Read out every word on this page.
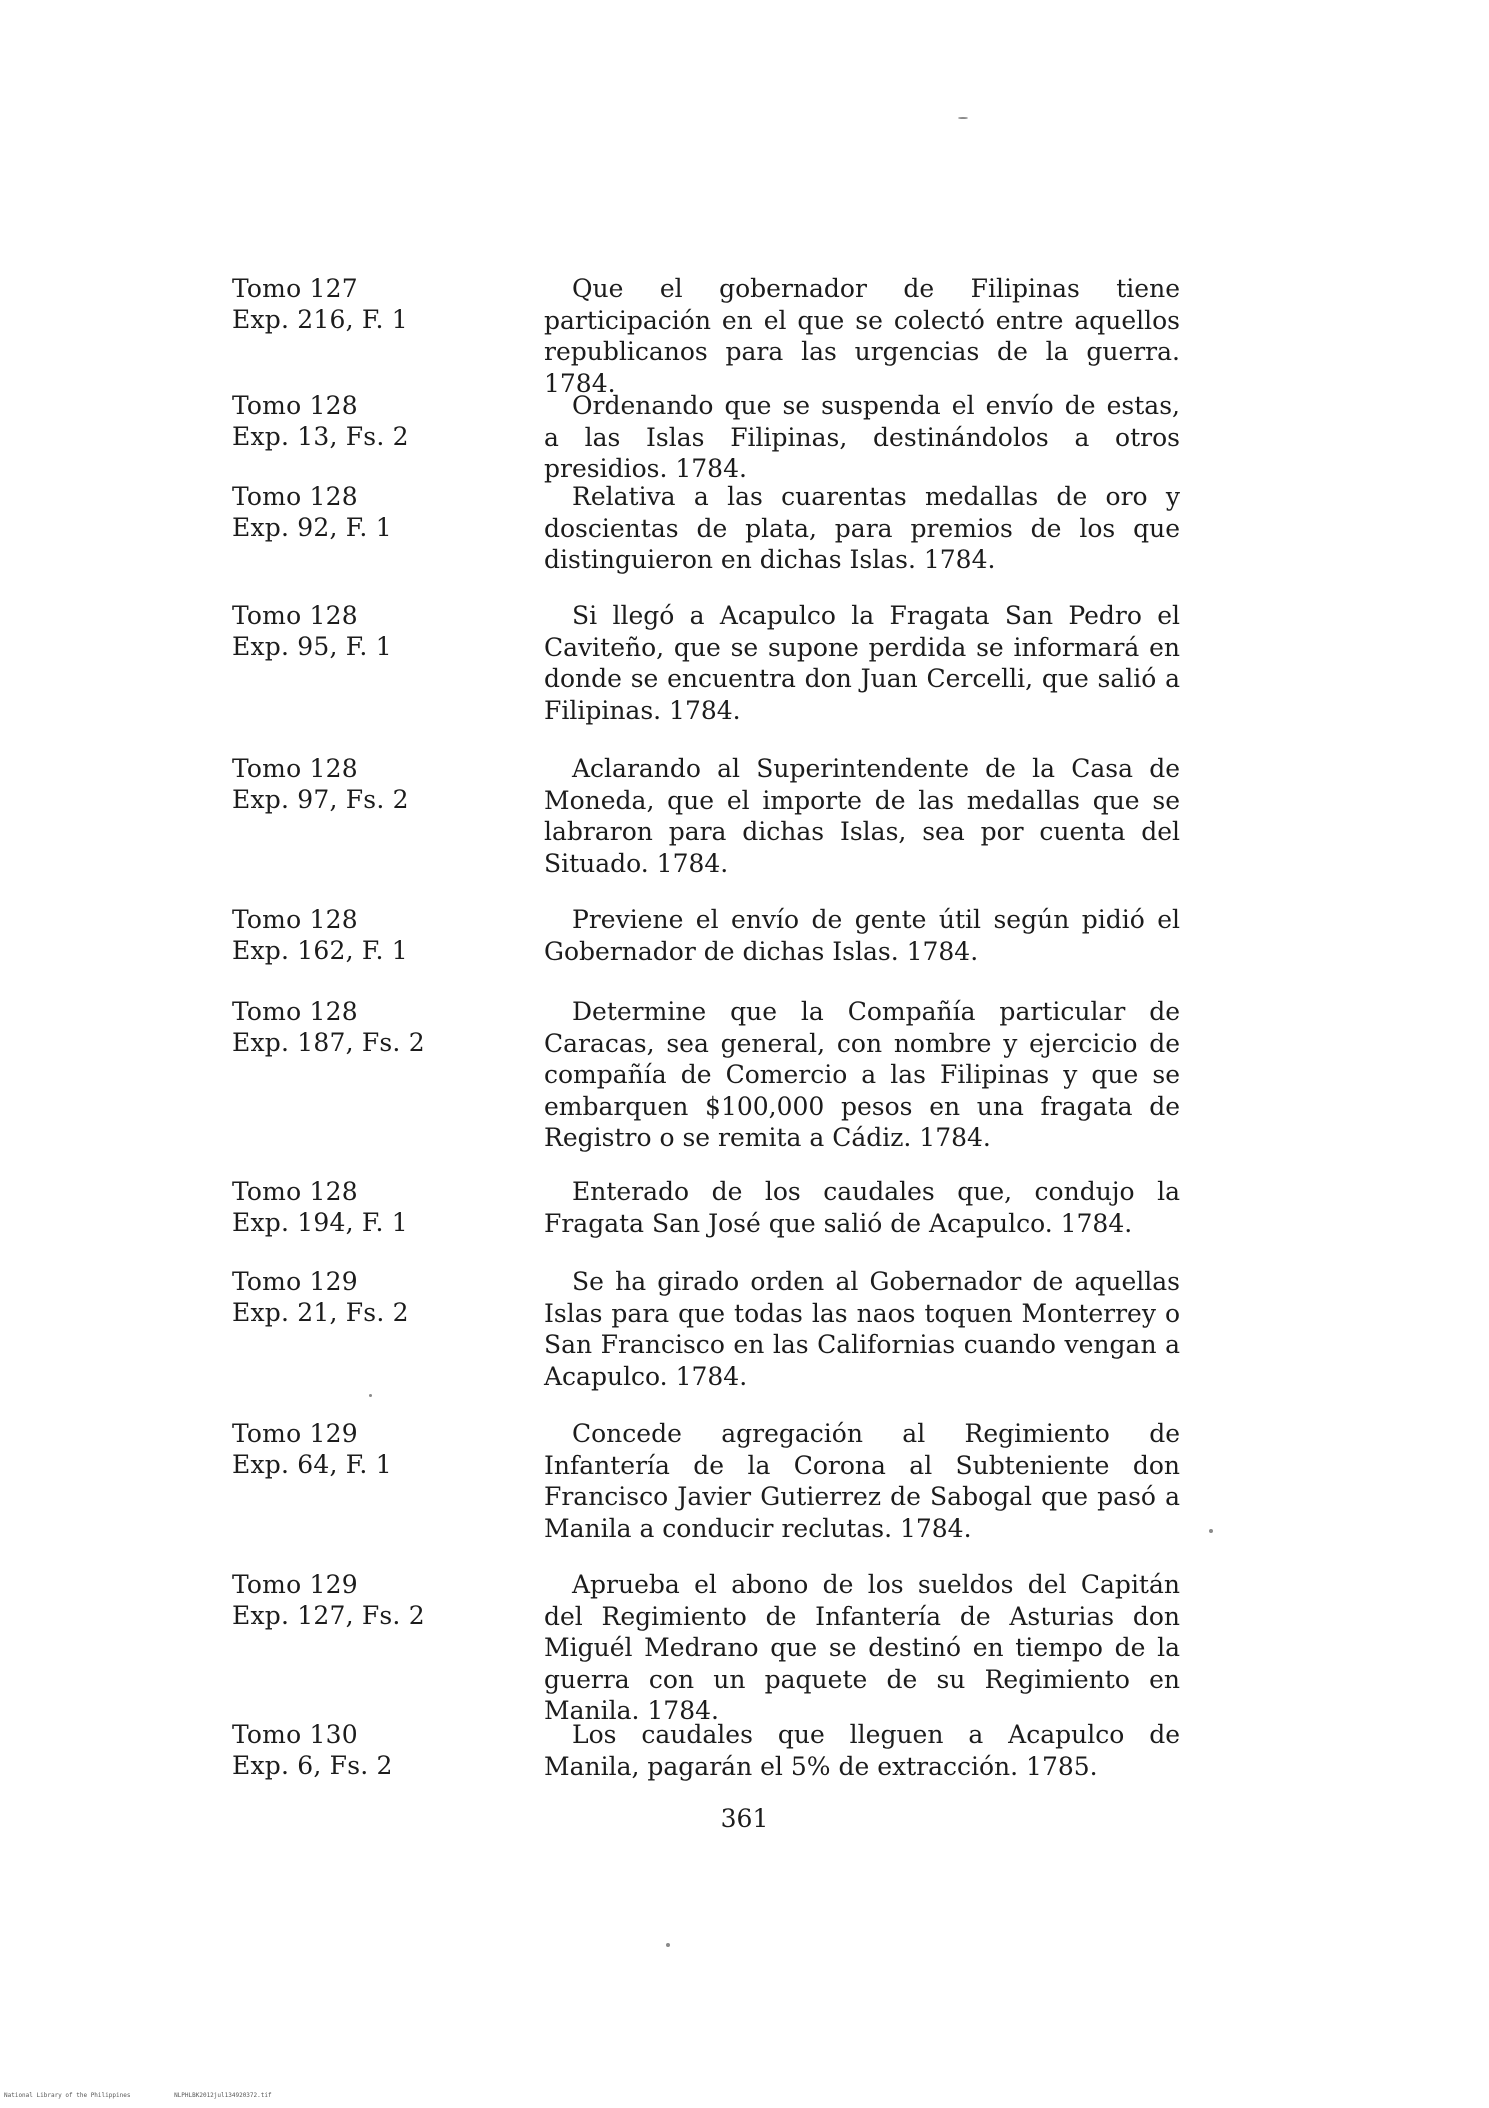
Tomo 127
Exp. 216, F. 1
Que el gobernador de Filipinas tiene participación en el que se colectó entre aquellos republicanos para las urgencias de la guerra. 1784.
Tomo 128
Exp. 13, Fs. 2
Ordenando que se suspenda el envío de estas, a las Islas Filipinas, destinándolos a otros presidios. 1784.
Tomo 128
Exp. 92, F. 1
Relativa a las cuarentas medallas de oro y doscientas de plata, para premios de los que distinguieron en dichas Islas. 1784.
Tomo 128
Exp. 95, F. 1
Si llegó a Acapulco la Fragata San Pedro el Caviteño, que se supone perdida se informará en donde se encuentra don Juan Cercelli, que salió a Filipinas. 1784.
Tomo 128
Exp. 97, Fs. 2
Aclarando al Superintendente de la Casa de Moneda, que el importe de las medallas que se labraron para dichas Islas, sea por cuenta del Situado. 1784.
Tomo 128
Exp. 162, F. 1
Previene el envío de gente útil según pidió el Gobernador de dichas Islas. 1784.
Tomo 128
Exp. 187, Fs. 2
Determine que la Compañía particular de Caracas, sea general, con nombre y ejercicio de compañía de Comercio a las Filipinas y que se embarquen $100,000 pesos en una fragata de Registro o se remita a Cádiz. 1784.
Tomo 128
Exp. 194, F. 1
Enterado de los caudales que, condujo la Fragata San José que salió de Acapulco. 1784.
Tomo 129
Exp. 21, Fs. 2
Se ha girado orden al Gobernador de aquellas Islas para que todas las naos toquen Monterrey o San Francisco en las Californias cuando vengan a Acapulco. 1784.
Tomo 129
Exp. 64, F. 1
Concede agregación al Regimiento de Infantería de la Corona al Subteniente don Francisco Javier Gutierrez de Sabogal que pasó a Manila a conducir reclutas. 1784.
Tomo 129
Exp. 127, Fs. 2
Aprueba el abono de los sueldos del Capitán del Regimiento de Infantería de Asturias don Miguél Medrano que se destinó en tiempo de la guerra con un paquete de su Regimiento en Manila. 1784.
Tomo 130
Exp. 6, Fs. 2
Los caudales que lleguen a Acapulco de Manila, pagarán el 5% de extracción. 1785.
361
National Library of the Philippines	NLPHLBK2012jul134920372.tif
